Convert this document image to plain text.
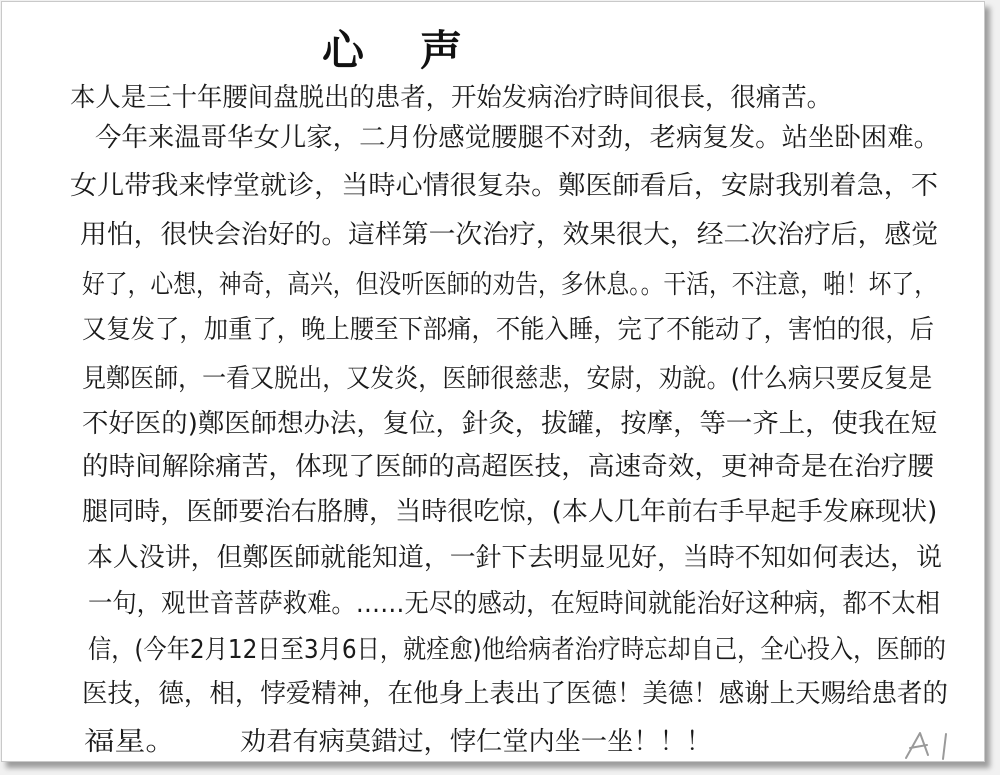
心声
本人是三十年腰间盘脱出的患者，开始发病治疗時间很長，很痛苦。
今年来温哥华女儿家，二月份感觉腰腿不对劲，老病复发。站坐卧困难。
女儿带我来悖堂就诊，当時心情很复杂。鄭医師看后，安尉我别着急，不
用怕，很快会治好的。這样第一次治疗，效果很大，经二次治疗后，感觉
好了，心想，神奇，高兴，但没听医師的劝告，多休息。。干活，不注意，啪！坏了，
又复发了，加重了，晚上腰至下部痛，不能入睡，完了不能动了，害怕的很，后
見鄭医師，一看又脱出，又发炎，医師很慈悲，安尉，劝說。(什么病只要反复是
不好医的)鄭医師想办法，复位，針灸，拔罐，按摩，等一齐上，使我在短
的時间解除痛苦，体现了医師的高超医技，高速奇效，更神奇是在治疗腰
腿同時，医師要治右胳膊，当時很吃惊，(本人几年前右手早起手发麻现状)
本人没讲，但鄭医師就能知道，一針下去明显见好，当時不知如何表达，说
一句，观世音菩萨救难。……无尽的感动，在短時间就能治好这种病，都不太相
信，(今年2月12日至3月6日，就痊愈)他给病者治疗時忘却自己，全心投入，医師的
医技，德，相，悖爱精神，在他身上表出了医德！美德！感谢上天赐给患者的
福星。 劝君有病莫錯过，悖仁堂内坐一坐！！！
